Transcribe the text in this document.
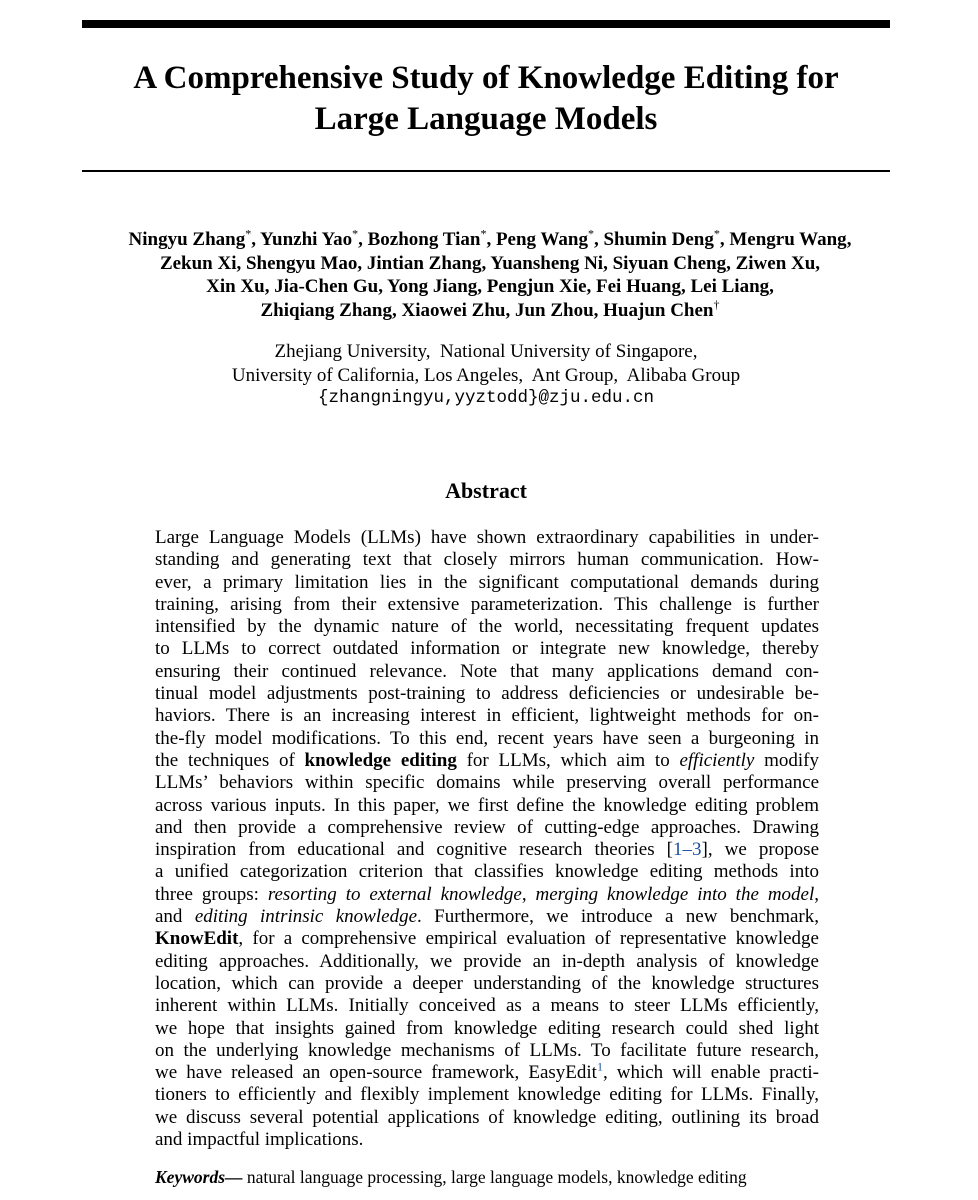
A Comprehensive Study of Knowledge Editing for
Large Language Models
Ningyu Zhang*, Yunzhi Yao*, Bozhong Tian*, Peng Wang*, Shumin Deng*, Mengru Wang,
Zekun Xi, Shengyu Mao, Jintian Zhang, Yuansheng Ni, Siyuan Cheng, Ziwen Xu,
Xin Xu, Jia-Chen Gu, Yong Jiang, Pengjun Xie, Fei Huang, Lei Liang,
Zhiqiang Zhang, Xiaowei Zhu, Jun Zhou, Huajun Chen†
Zhejiang University,  National University of Singapore,
University of California, Los Angeles,  Ant Group,  Alibaba Group
{zhangningyu,yyztodd}@zju.edu.cn
Abstract
Large Language Models (LLMs) have shown extraordinary capabilities in under-
standing and generating text that closely mirrors human communication. How-
ever, a primary limitation lies in the significant computational demands during
training, arising from their extensive parameterization. This challenge is further
intensified by the dynamic nature of the world, necessitating frequent updates
to LLMs to correct outdated information or integrate new knowledge, thereby
ensuring their continued relevance. Note that many applications demand con-
tinual model adjustments post-training to address deficiencies or undesirable be-
haviors. There is an increasing interest in efficient, lightweight methods for on-
the-fly model modifications. To this end, recent years have seen a burgeoning in
the techniques of knowledge editing for LLMs, which aim to efficiently modify
LLMs’ behaviors within specific domains while preserving overall performance
across various inputs. In this paper, we first define the knowledge editing problem
and then provide a comprehensive review of cutting-edge approaches. Drawing
inspiration from educational and cognitive research theories [1–3], we propose
a unified categorization criterion that classifies knowledge editing methods into
three groups: resorting to external knowledge, merging knowledge into the model,
and editing intrinsic knowledge. Furthermore, we introduce a new benchmark,
KnowEdit, for a comprehensive empirical evaluation of representative knowledge
editing approaches. Additionally, we provide an in-depth analysis of knowledge
location, which can provide a deeper understanding of the knowledge structures
inherent within LLMs. Initially conceived as a means to steer LLMs efficiently,
we hope that insights gained from knowledge editing research could shed light
on the underlying knowledge mechanisms of LLMs. To facilitate future research,
we have released an open-source framework, EasyEdit$^1$, which will enable practi-
tioners to efficiently and flexibly implement knowledge editing for LLMs. Finally,
we discuss several potential applications of knowledge editing, outlining its broad
and impactful implications.
Keywords— natural language processing, large language models, knowledge editing
